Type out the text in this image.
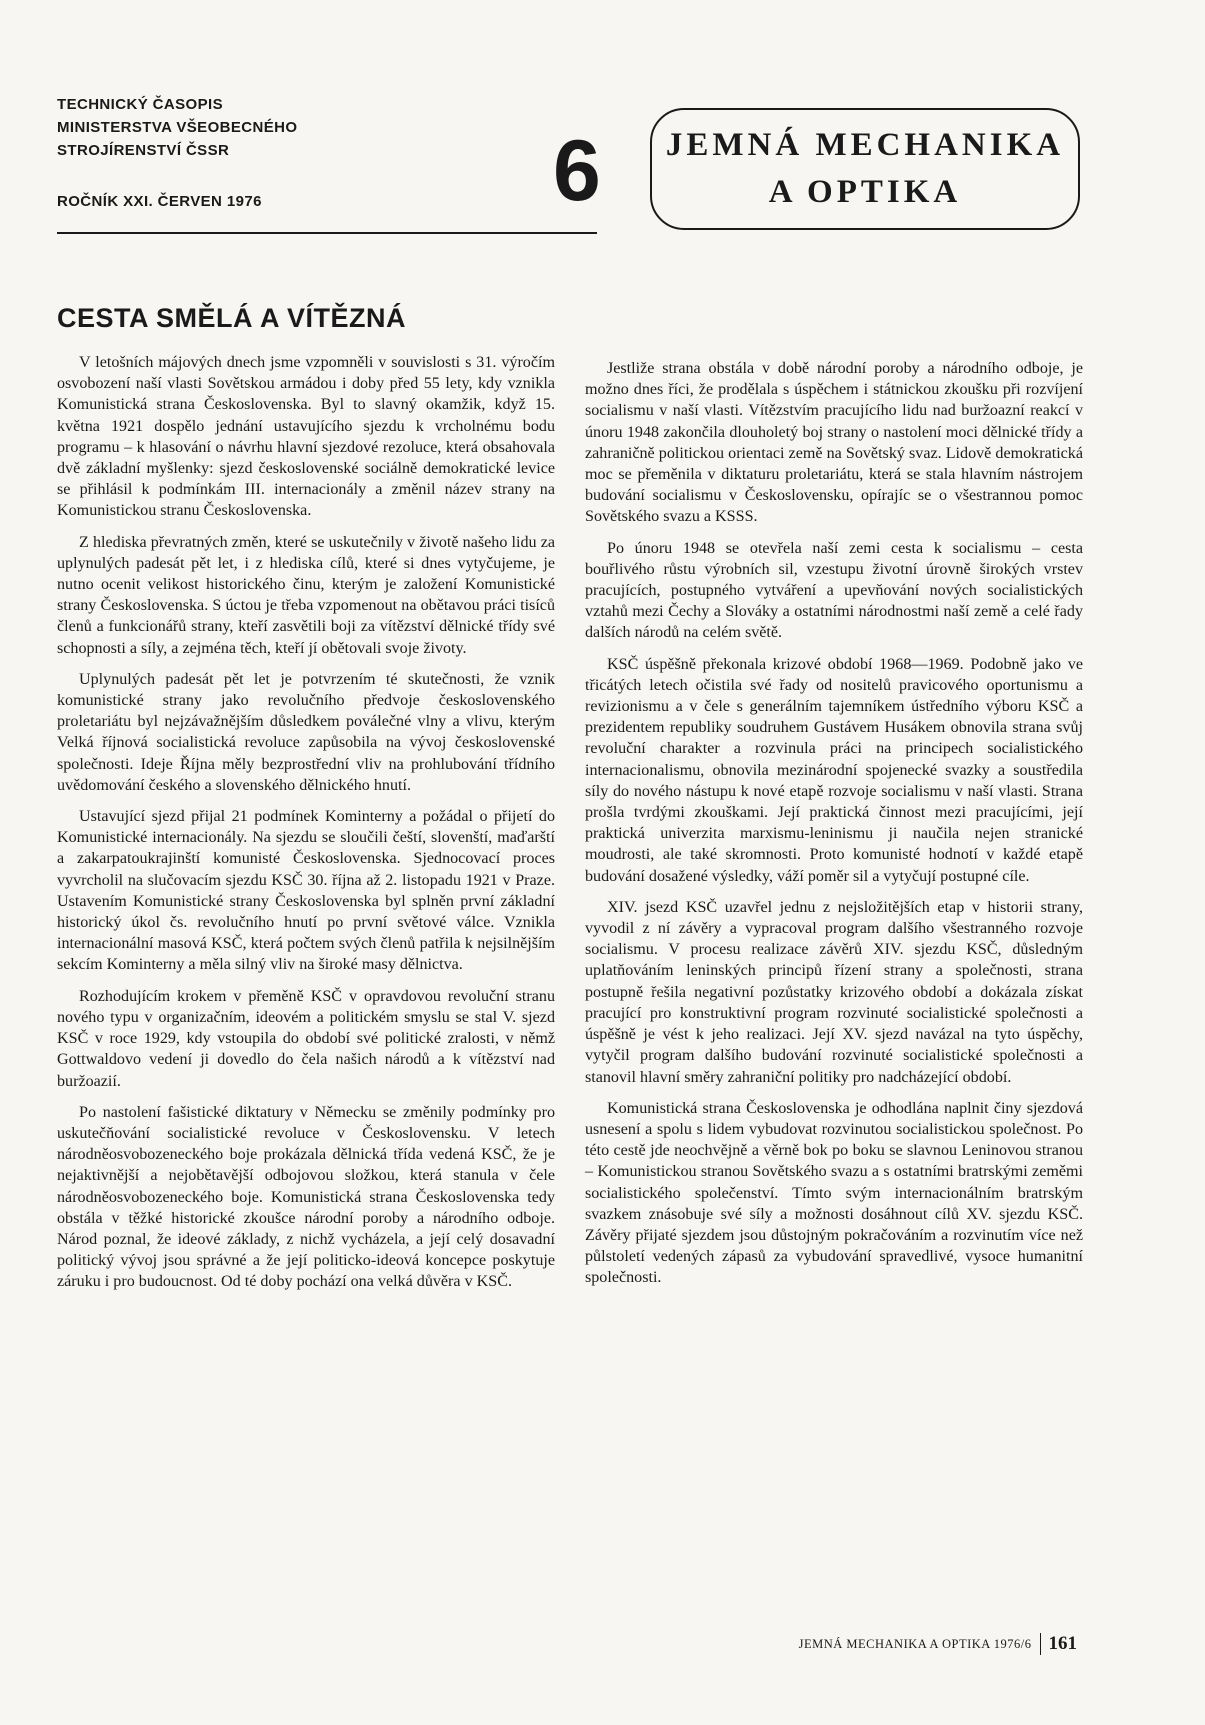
TECHNICKÝ ČASOPIS
MINISTERSTVA VŠEOBECNÉHO
STROJÍRENSTVÍ ČSSR
ROČNÍK XXI. ČERVEN 1976	6	JEMNÁ MECHANIKA
A OPTIKA
CESTA SMĚLÁ A VÍTĚZNÁ

V letošních májových dnech jsme vzpomněli v souvislosti s 31. výročím osvobození naší vlasti Sovětskou armádou i doby před 55 lety, kdy vznikla Komunistická strana Československa. Byl to slavný okamžik, když 15. května 1921 dospělo jednání ustavujícího sjezdu k vrcholnému bodu programu – k hlasování o návrhu hlavní sjezdové rezoluce, která obsahovala dvě základní myšlenky: sjezd československé sociálně demokratické levice se přihlásil k podmínkám III. internacionály a změnil název strany na Komunistickou stranu Československa.

Z hlediska převratných změn, které se uskutečnily v životě našeho lidu za uplynulých padesát pět let, i z hlediska cílů, které si dnes vytyčujeme, je nutno ocenit velikost historického činu, kterým je založení Komunistické strany Československa. S úctou je třeba vzpomenout na obětavou práci tisíců členů a funkcionářů strany, kteří zasvětili boji za vítězství dělnické třídy své schopnosti a síly, a zejména těch, kteří jí obětovali svoje životy.

Uplynulých padesát pět let je potvrzením té skutečnosti, že vznik komunistické strany jako revolučního předvoje československého proletariátu byl nejzávažnějším důsledkem poválečné vlny a vlivu, kterým Velká říjnová socialistická revoluce zapůsobila na vývoj československé společnosti. Ideje Října měly bezprostřední vliv na prohlubování třídního uvědomování českého a slovenského dělnického hnutí.

Ustavující sjezd přijal 21 podmínek Kominterny a požádal o přijetí do Komunistické internacionály. Na sjezdu se sloučili čeští, slovenští, maďarští a zakarpatoukrajinští komunisté Československa. Sjednocovací proces vyvrcholil na slučovacím sjezdu KSČ 30. října až 2. listopadu 1921 v Praze. Ustavením Komunistické strany Československa byl splněn první základní historický úkol čs. revolučního hnutí po první světové válce. Vznikla internacionální masová KSČ, která počtem svých členů patřila k nejsilnějším sekcím Kominterny a měla silný vliv na široké masy dělnictva.

Rozhodujícím krokem v přeměně KSČ v opravdovou revoluční stranu nového typu v organizačním, ideovém a politickém smyslu se stal V. sjezd KSČ v roce 1929, kdy vstoupila do období své politické zralosti, v němž Gottwaldovo vedení ji dovedlo do čela našich národů a k vítězství nad buržoazií.

Po nastolení fašistické diktatury v Německu se změnily podmínky pro uskutečňování socialistické revoluce v Československu. V letech národněosvobozeneckého boje prokázala dělnická třída vedená KSČ, že je nejaktivnější a nejobětavější odbojovou složkou, která stanula v čele národněosvobozeneckého boje. Komunistická strana Československa tedy obstála v těžké historické zkoušce národní poroby a národního odboje. Národ poznal, že ideové základy, z nichž vycházela, a její celý dosavadní politický vývoj jsou správné a že její politicko-ideová koncepce poskytuje záruku i pro budoucnost. Od té doby pochází ona velká důvěra v KSČ.

Jestliže strana obstála v době národní poroby a národního odboje, je možno dnes říci, že prodělala s úspěchem i státnickou zkoušku při rozvíjení socialismu v naší vlasti. Vítězstvím pracujícího lidu nad buržoazní reakcí v únoru 1948 zakončila dlouholetý boj strany o nastolení moci dělnické třídy a zahraničně politickou orientaci země na Sovětský svaz. Lidově demokratická moc se přeměnila v diktaturu proletariátu, která se stala hlavním nástrojem budování socialismu v Československu, opírajíc se o všestrannou pomoc Sovětského svazu a KSSS.

Po únoru 1948 se otevřela naší zemi cesta k socialismu – cesta bouřlivého růstu výrobních sil, vzestupu životní úrovně širokých vrstev pracujících, postupného vytváření a upevňování nových socialistických vztahů mezi Čechy a Slováky a ostatními národnostmi naší země a celé řady dalších národů na celém světě.

KSČ úspěšně překonala krizové období 1968—1969. Podobně jako ve třicátých letech očistila své řady od nositelů pravicového oportunismu a revizionismu a v čele s generálním tajemníkem ústředního výboru KSČ a prezidentem republiky soudruhem Gustávem Husákem obnovila strana svůj revoluční charakter a rozvinula práci na principech socialistického internacionalismu, obnovila mezinárodní spojenecké svazky a soustředila síly do nového nástupu k nové etapě rozvoje socialismu v naší vlasti. Strana prošla tvrdými zkouškami. Její praktická činnost mezi pracujícími, její praktická univerzita marxismu-leninismu ji naučila nejen stranické moudrosti, ale také skromnosti. Proto komunisté hodnotí v každé etapě budování dosažené výsledky, váží poměr sil a vytyčují postupné cíle.

XIV. jsezd KSČ uzavřel jednu z nejsložitějších etap v historii strany, vyvodil z ní závěry a vypracoval program dalšího všestranného rozvoje socialismu. V procesu realizace závěrů XIV. sjezdu KSČ, důsledným uplatňováním leninských principů řízení strany a společnosti, strana postupně řešila negativní pozůstatky krizového období a dokázala získat pracující pro konstruktivní program rozvinuté socialistické společnosti a úspěšně je vést k jeho realizaci. Její XV. sjezd navázal na tyto úspěchy, vytyčil program dalšího budování rozvinuté socialistické společnosti a stanovil hlavní směry zahraniční politiky pro nadcházející období.

Komunistická strana Československa je odhodlána naplnit činy sjezdová usnesení a spolu s lidem vybudovat rozvinutou socialistickou společnost. Po této cestě jde neochvějně a věrně bok po boku se slavnou Leninovou stranou – Komunistickou stranou Sovětského svazu a s ostatními bratrskými zeměmi socialistického společenství. Tímto svým internacionálním bratrským svazkem znásobuje své síly a možnosti dosáhnout cílů XV. sjezdu KSČ. Závěry přijaté sjezdem jsou důstojným pokračováním a rozvinutím více než půlstoletí vedených zápasů za vybudování spravedlivé, vysoce humanitní společnosti.

JEMNÁ MECHANIKA A OPTIKA 1976/6 161
